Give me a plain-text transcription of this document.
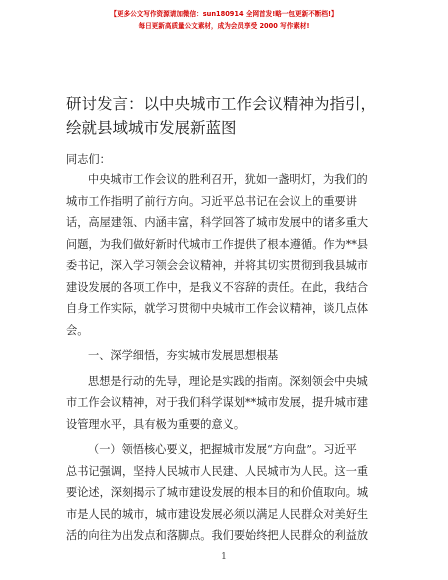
【更多公文写作资源请加微信：sun180914 全网首发!略一包更新不断档!】
每日更新高质量公文素材，成为会员享受 2000 写作素材!
研讨发言：以中央城市工作会议精神为指引，
绘就县域城市发展新蓝图
同志们：
中央城市工作会议的胜利召开，犹如一盏明灯，为我们的
城市工作指明了前行方向。习近平总书记在会议上的重要讲
话，高屋建瓴、内涵丰富，科学回答了城市发展中的诸多重大
问题，为我们做好新时代城市工作提供了根本遵循。作为**县
委书记，深入学习领会会议精神，并将其切实贯彻到我县城市
建设发展的各项工作中，是我义不容辞的责任。在此，我结合
自身工作实际，就学习贯彻中央城市工作会议精神，谈几点体
会。
一、深学细悟，夯实城市发展思想根基
思想是行动的先导，理论是实践的指南。深刻领会中央城
市工作会议精神，对于我们科学谋划**城市发展，提升城市建
设管理水平，具有极为重要的意义。
（一）领悟核心要义，把握城市发展“方向盘”。习近平
总书记强调，坚持人民城市人民建、人民城市为人民。这一重
要论述，深刻揭示了城市建设发展的根本目的和价值取向。城
市是人民的城市，城市建设发展必须以满足人民群众对美好生
活的向往为出发点和落脚点。我们要始终把人民群众的利益放
1
